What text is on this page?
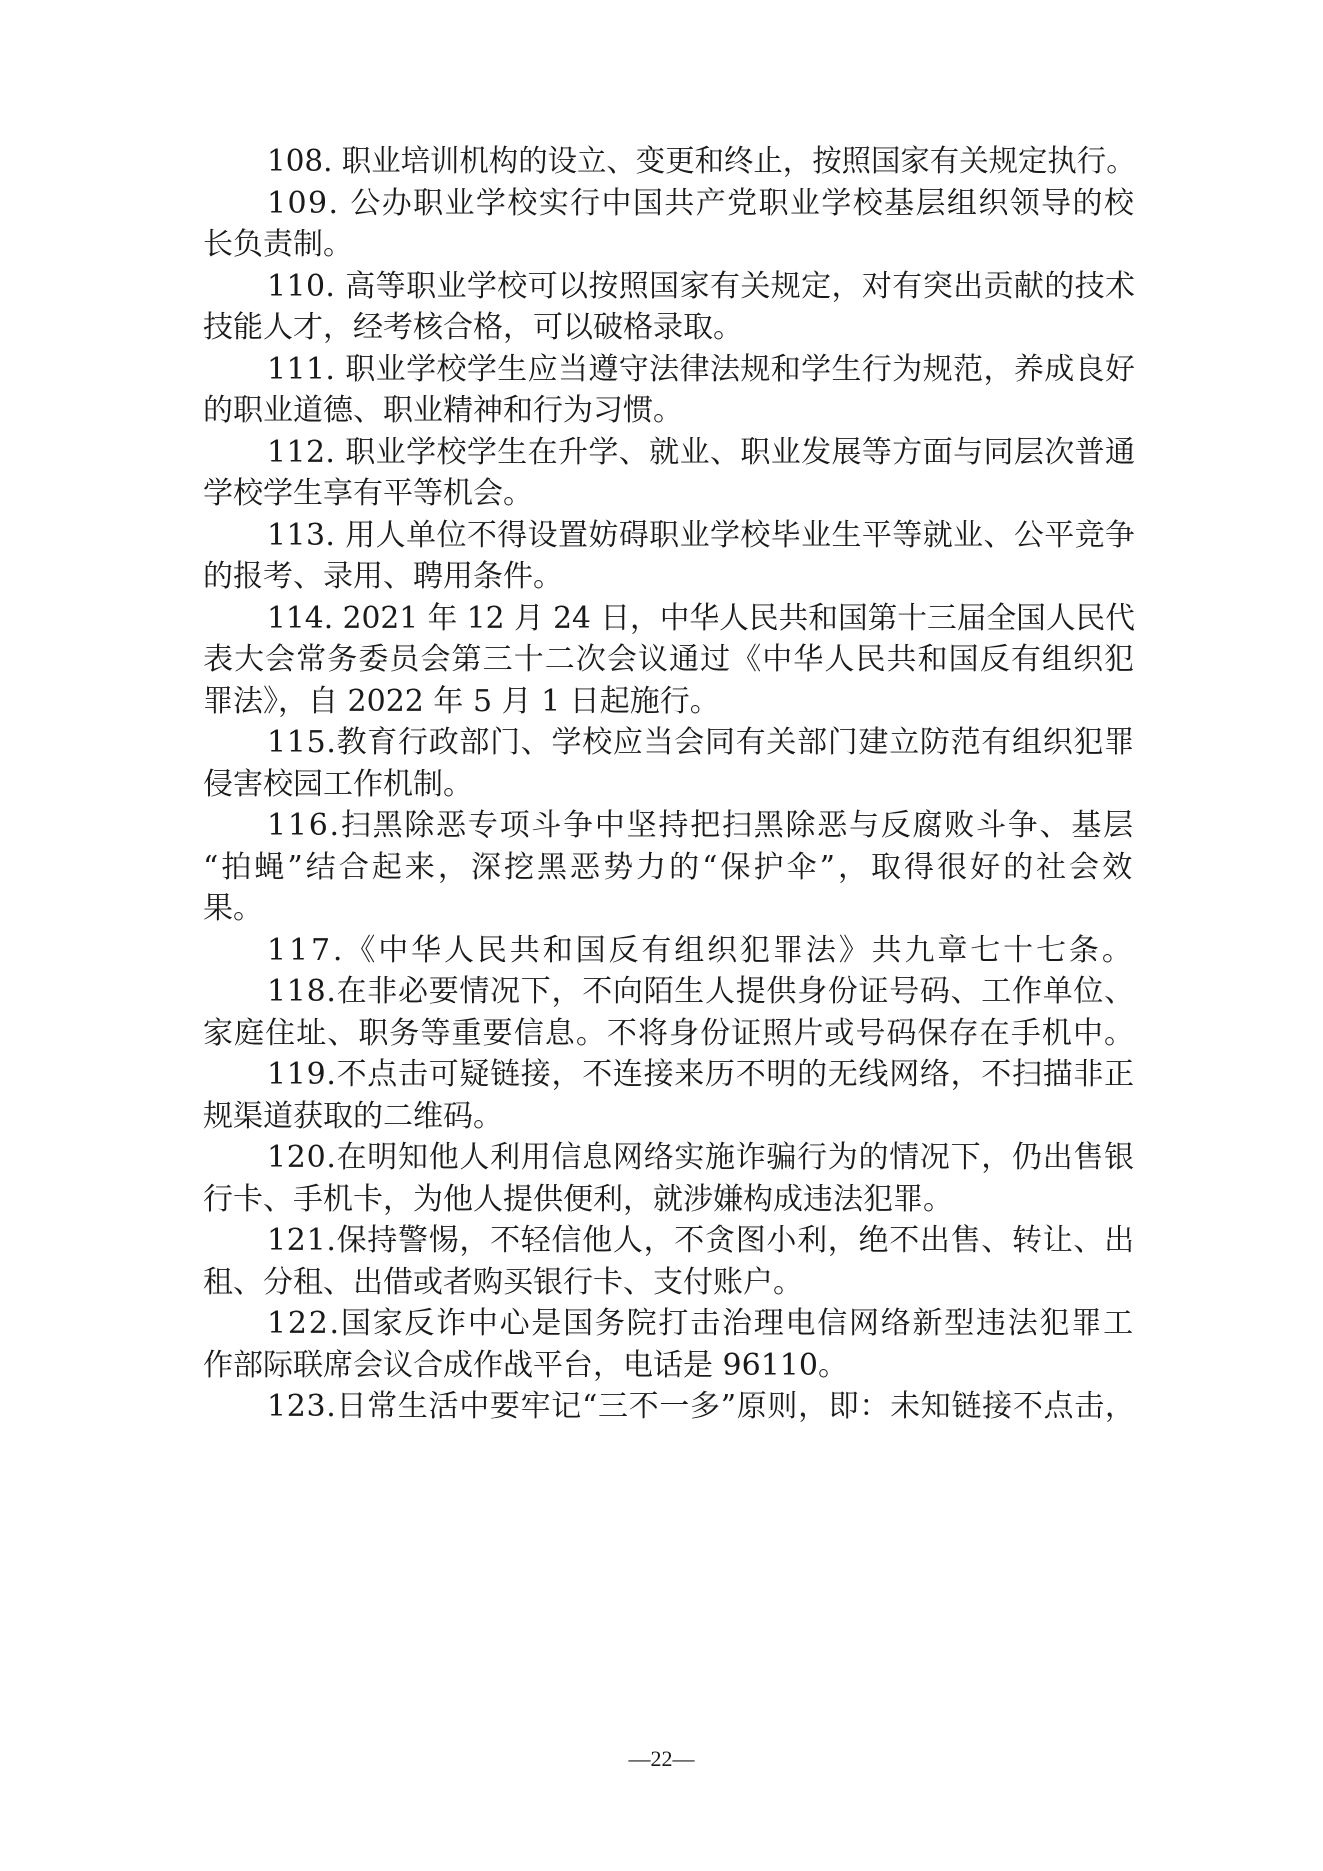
108. 职业培训机构的设立、变更和终止，按照国家有关规定执行。
109. 公办职业学校实行中国共产党职业学校基层组织领导的校
长负责制。
110. 高等职业学校可以按照国家有关规定，对有突出贡献的技术
技能人才，经考核合格，可以破格录取。
111. 职业学校学生应当遵守法律法规和学生行为规范，养成良好
的职业道德、职业精神和行为习惯。
112. 职业学校学生在升学、就业、职业发展等方面与同层次普通
学校学生享有平等机会。
113. 用人单位不得设置妨碍职业学校毕业生平等就业、公平竞争
的报考、录用、聘用条件。
114. 2021 年 12 月 24 日，中华人民共和国第十三届全国人民代
表大会常务委员会第三十二次会议通过《中华人民共和国反有组织犯
罪法》，自 2022 年 5 月 1 日起施行。
115.教育行政部门、学校应当会同有关部门建立防范有组织犯罪
侵害校园工作机制。
116.扫黑除恶专项斗争中坚持把扫黑除恶与反腐败斗争、基层
“拍蝇”结合起来，深挖黑恶势力的“保护伞”，取得很好的社会效
果。
117.《中华人民共和国反有组织犯罪法》共九章七十七条。
118.在非必要情况下，不向陌生人提供身份证号码、工作单位、
家庭住址、职务等重要信息。不将身份证照片或号码保存在手机中。
119.不点击可疑链接，不连接来历不明的无线网络，不扫描非正
规渠道获取的二维码。
120.在明知他人利用信息网络实施诈骗行为的情况下，仍出售银
行卡、手机卡，为他人提供便利，就涉嫌构成违法犯罪。
121.保持警惕，不轻信他人，不贪图小利，绝不出售、转让、出
租、分租、出借或者购买银行卡、支付账户。
122.国家反诈中心是国务院打击治理电信网络新型违法犯罪工
作部际联席会议合成作战平台，电话是 96110。
123.日常生活中要牢记“三不一多”原则，即：未知链接不点击，
—22—
